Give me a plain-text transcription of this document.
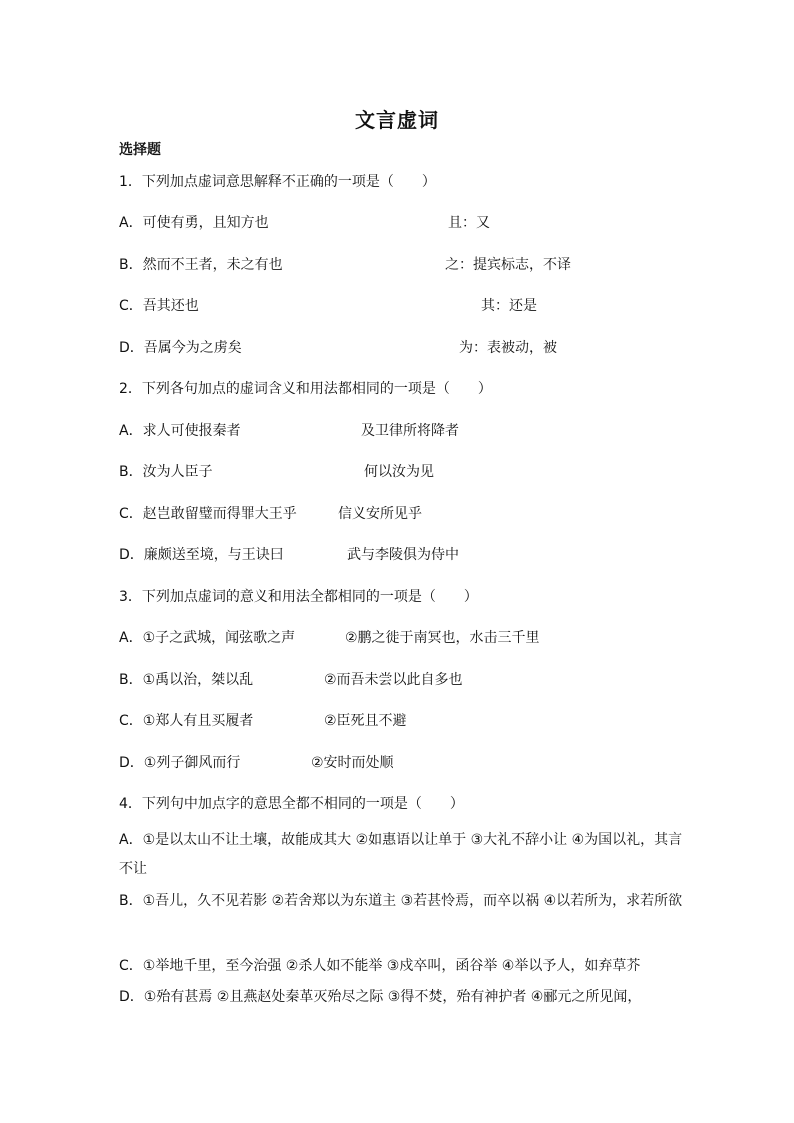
文言虚词
选择题
1．下列加点虚词意思解释不正确的一项是（　　）
A．可使有勇，且知方也	且：又
B．然而不王者，未之有也	之：提宾标志，不译
C．吾其还也	其：还是
D．吾属今为之虏矣	为：表被动，被
2．下列各句加点的虚词含义和用法都相同的一项是（　　）
A．求人可使报秦者	及卫律所将降者
B．汝为人臣子	何以汝为见
C．赵岂敢留璧而得罪大王乎	信义安所见乎
D．廉颇送至境，与王诀曰	武与李陵俱为侍中
3．下列加点虚词的意义和用法全都相同的一项是（　　）
A．①子之武城，闻弦歌之声	②鹏之徙于南冥也，水击三千里
B．①禹以治，桀以乱	②而吾未尝以此自多也
C．①郑人有且买履者	②臣死且不避
D．①列子御风而行	②安时而处顺
4．下列句中加点字的意思全都不相同的一项是（　　）
A．①是以太山不让土壤，故能成其大 ②如惠语以让单于 ③大礼不辞小让 ④为国以礼，其言不让
B．①吾儿，久不见若影 ②若舍郑以为东道主 ③若甚怜焉，而卒以祸 ④以若所为，求若所欲
C．①举地千里，至今治强 ②杀人如不能举 ③戍卒叫，函谷举 ④举以予人，如弃草芥
D．①殆有甚焉 ②且燕赵处秦革灭殆尽之际 ③得不焚，殆有神护者 ④郦元之所见闻，
